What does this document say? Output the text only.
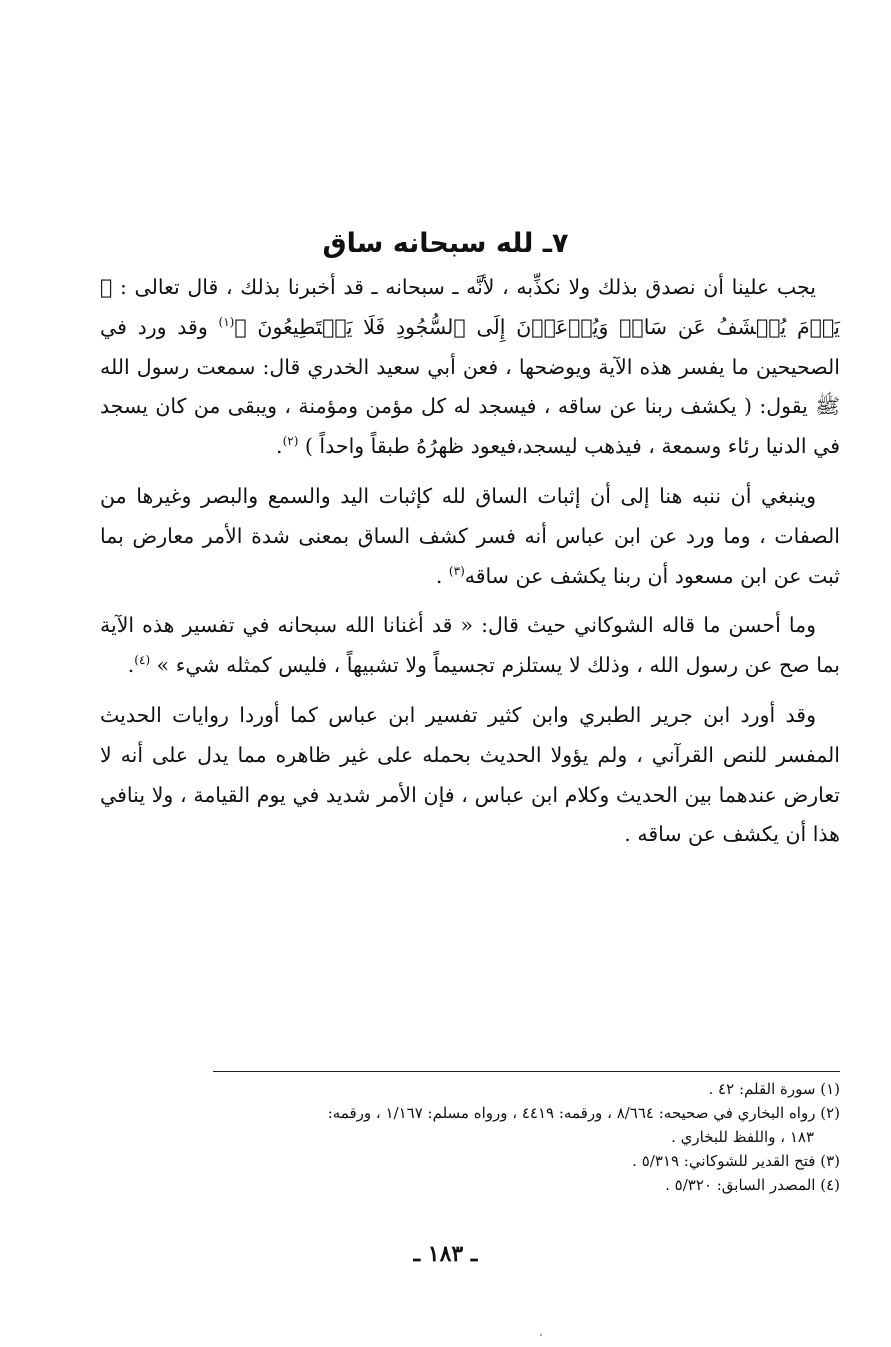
٧ـ لله سبحانه ساق

يجب علينا أن نصدق بذلك ولا نكذِّبه ، لأنَّه ـ سبحانه ـ قد أخبرنا بذلك ، قال تعالى : ﴿ يَوۡمَ يُكۡشَفُ عَن سَاقٖ وَيُدۡعَوۡنَ إِلَى ٱلسُّجُودِ فَلَا يَسۡتَطِيعُونَ ﴾$^{(١)}$ وقد ورد في الصحيحين ما يفسر هذه الآية ويوضحها ، فعن أبي سعيد الخدري قال: سمعت رسول الله ﷺ يقول: ( يكشف ربنا عن ساقه ، فيسجد له كل مؤمن ومؤمنة ، ويبقى من كان يسجد في الدنيا رئاء وسمعة ، فيذهب ليسجد،فيعود ظهرُهُ طبقاً واحداً ) $^{(٢)}$.

وينبغي أن ننبه هنا إلى أن إثبات الساق لله كإثبات اليد والسمع والبصر وغيرها من الصفات ، وما ورد عن ابن عباس أنه فسر كشف الساق بمعنى شدة الأمر معارض بما ثبت عن ابن مسعود أن ربنا يكشف عن ساقه$^{(٣)}$ .

وما أحسن ما قاله الشوكاني حيث قال: « قد أغنانا الله سبحانه في تفسير هذه الآية بما صح عن رسول الله ، وذلك لا يستلزم تجسيماً ولا تشبيهاً ، فليس كمثله شيء » $^{(٤)}$.

وقد أورد ابن جرير الطبري وابن كثير تفسير ابن عباس كما أوردا روايات الحديث المفسر للنص القرآني ، ولم يؤولا الحديث بحمله على غير ظاهره مما يدل على أنه لا تعارض عندهما بين الحديث وكلام ابن عباس ، فإن الأمر شديد في يوم القيامة ، ولا ينافي هذا أن يكشف عن ساقه .

(١) سورة القلم: ٤٢ .

(٢) رواه البخاري في صحيحه: ٨/٦٦٤ ، ورقمه: ٤٤١٩ ، ورواه مسلم: ١/١٦٧ ، ورقمه:

١٨٣ ، واللفظ للبخاري .

(٣) فتح القدير للشوكاني: ٥/٣١٩ .

(٤) المصدر السابق: ٥/٣٢٠ .

ـ ١٨٣ ـ
